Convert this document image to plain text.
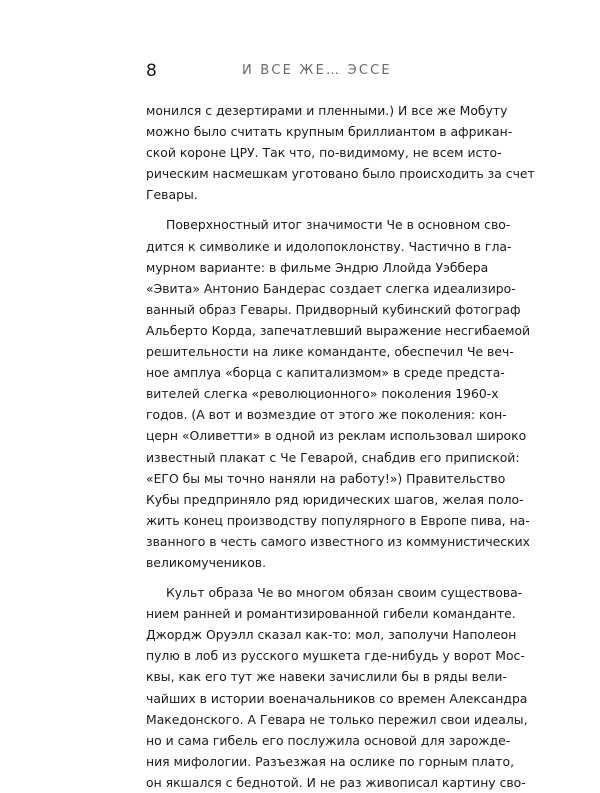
8	И ВСЕ ЖЕ… ЭССЕ
монился с дезертирами и пленными.) И все же Мобуту
можно было считать крупным бриллиантом в африкан-
ской короне ЦРУ. Так что, по-видимому, не всем исто-
рическим насмешкам уготовано было происходить за счет
Гевары.
Поверхностный итог значимости Че в основном сво-
дится к символике и идолопоклонству. Частично в гла-
мурном варианте: в фильме Эндрю Ллойда Уэббера
«Эвита» Антонио Бандерас создает слегка идеализиро-
ванный образ Гевары. Придворный кубинский фотограф
Альберто Корда, запечатлевший выражение несгибаемой
решительности на лике команданте, обеспечил Че веч-
ное амплуа «борца с капитализмом» в среде предста-
вителей слегка «революционного» поколения 1960-х
годов. (А вот и возмездие от этого же поколения: кон-
церн «Оливетти» в одной из реклам использовал широко
известный плакат с Че Геварой, снабдив его припиской:
«ЕГО бы мы точно наняли на работу!») Правительство
Кубы предприняло ряд юридических шагов, желая поло-
жить конец производству популярного в Европе пива, на-
званного в честь самого известного из коммунистических
великомучеников.
Культ образа Че во многом обязан своим существова-
нием ранней и романтизированной гибели команданте.
Джордж Оруэлл сказал как-то: мол, заполучи Наполеон
пулю в лоб из русского мушкета где-нибудь у ворот Мос-
квы, как его тут же навеки зачислили бы в ряды вели-
чайших в истории военачальников со времен Александра
Македонского. А Гевара не только пережил свои идеалы,
но и сама гибель его послужила основой для зарожде-
ния мифологии. Разъезжая на ослике по горным плато,
он якшался с беднотой. И не раз живописал картину сво-
